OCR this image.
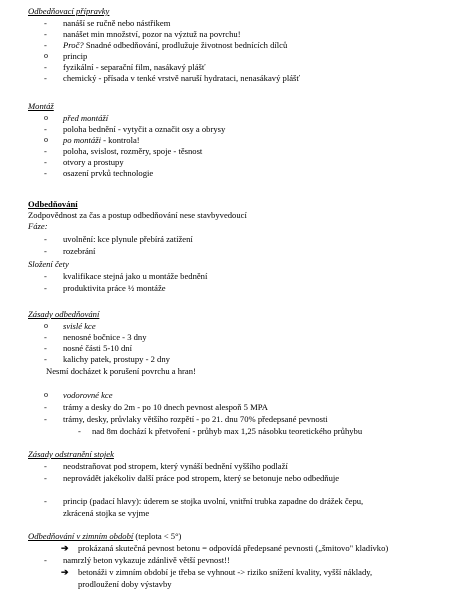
Odbedňovací přípravky
- nanáší se ručně nebo nástřikem
- nanášet min množství, pozor na výztuž na povrchu!
- Proč? Snadné odbedňování, prodlužuje životnost bednících dílců
o princip
- fyzikální - separační film, nasákavý plášť
- chemický - přísada v tenké vrstvě naruší hydrataci, nenasákavý plášť
Montáž
o před montáží
- poloha bednění - vytyčit a označit osy a obrysy
o po montáži - kontrola!
- poloha, svislost, rozměry, spoje - těsnost
- otvory a prostupy
- osazení prvků technologie
Odbedňování
Zodpovědnost za čas a postup odbedňování nese stavbyvedoucí
Fáze:
- uvolnění: kce plynule přebírá zatížení
- rozebrání
Složení čety
- kvalifikace stejná jako u montáže bednění
- produktivita práce ½ montáže
Zásady odbedňování
o svislé kce
- nenosné bočnice - 3 dny
- nosné části 5-10 dní
- kalichy patek, prostupy - 2 dny
Nesmí docházet k porušení povrchu a hran!
o vodorovné kce
- trámy a desky do 2m - po 10 dnech pevnost alespoň 5 MPA
- trámy, desky, průvlaky většího rozpětí - po 21. dnu 70% předepsané pevnosti
- nad 8m dochází k přetvoření - průhyb max 1,25 násobku teoretického průhybu
Zásady odstranění stojek
- neodstraňovat pod stropem, který vynáší bednění vyššího podlaží
- neprovádět jakékoliv další práce pod stropem, který se betonuje nebo odbedňuje
- princip (padací hlavy): úderem se stojka uvolní, vnitřní trubka zapadne do drážek čepu,
zkrácená stojka se vyjme
Odbedňování v zimním období (teplota < 5°)
➔ prokázaná skutečná pevnost betonu = odpovídá předepsané pevnosti („šmitovo" kladívko)
- namrzlý beton vykazuje zdánlivě větší pevnost!!
➔ betonáži v zimním období je třeba se vyhnout -> riziko snížení kvality, vyšší náklady,
prodloužení doby výstavby
